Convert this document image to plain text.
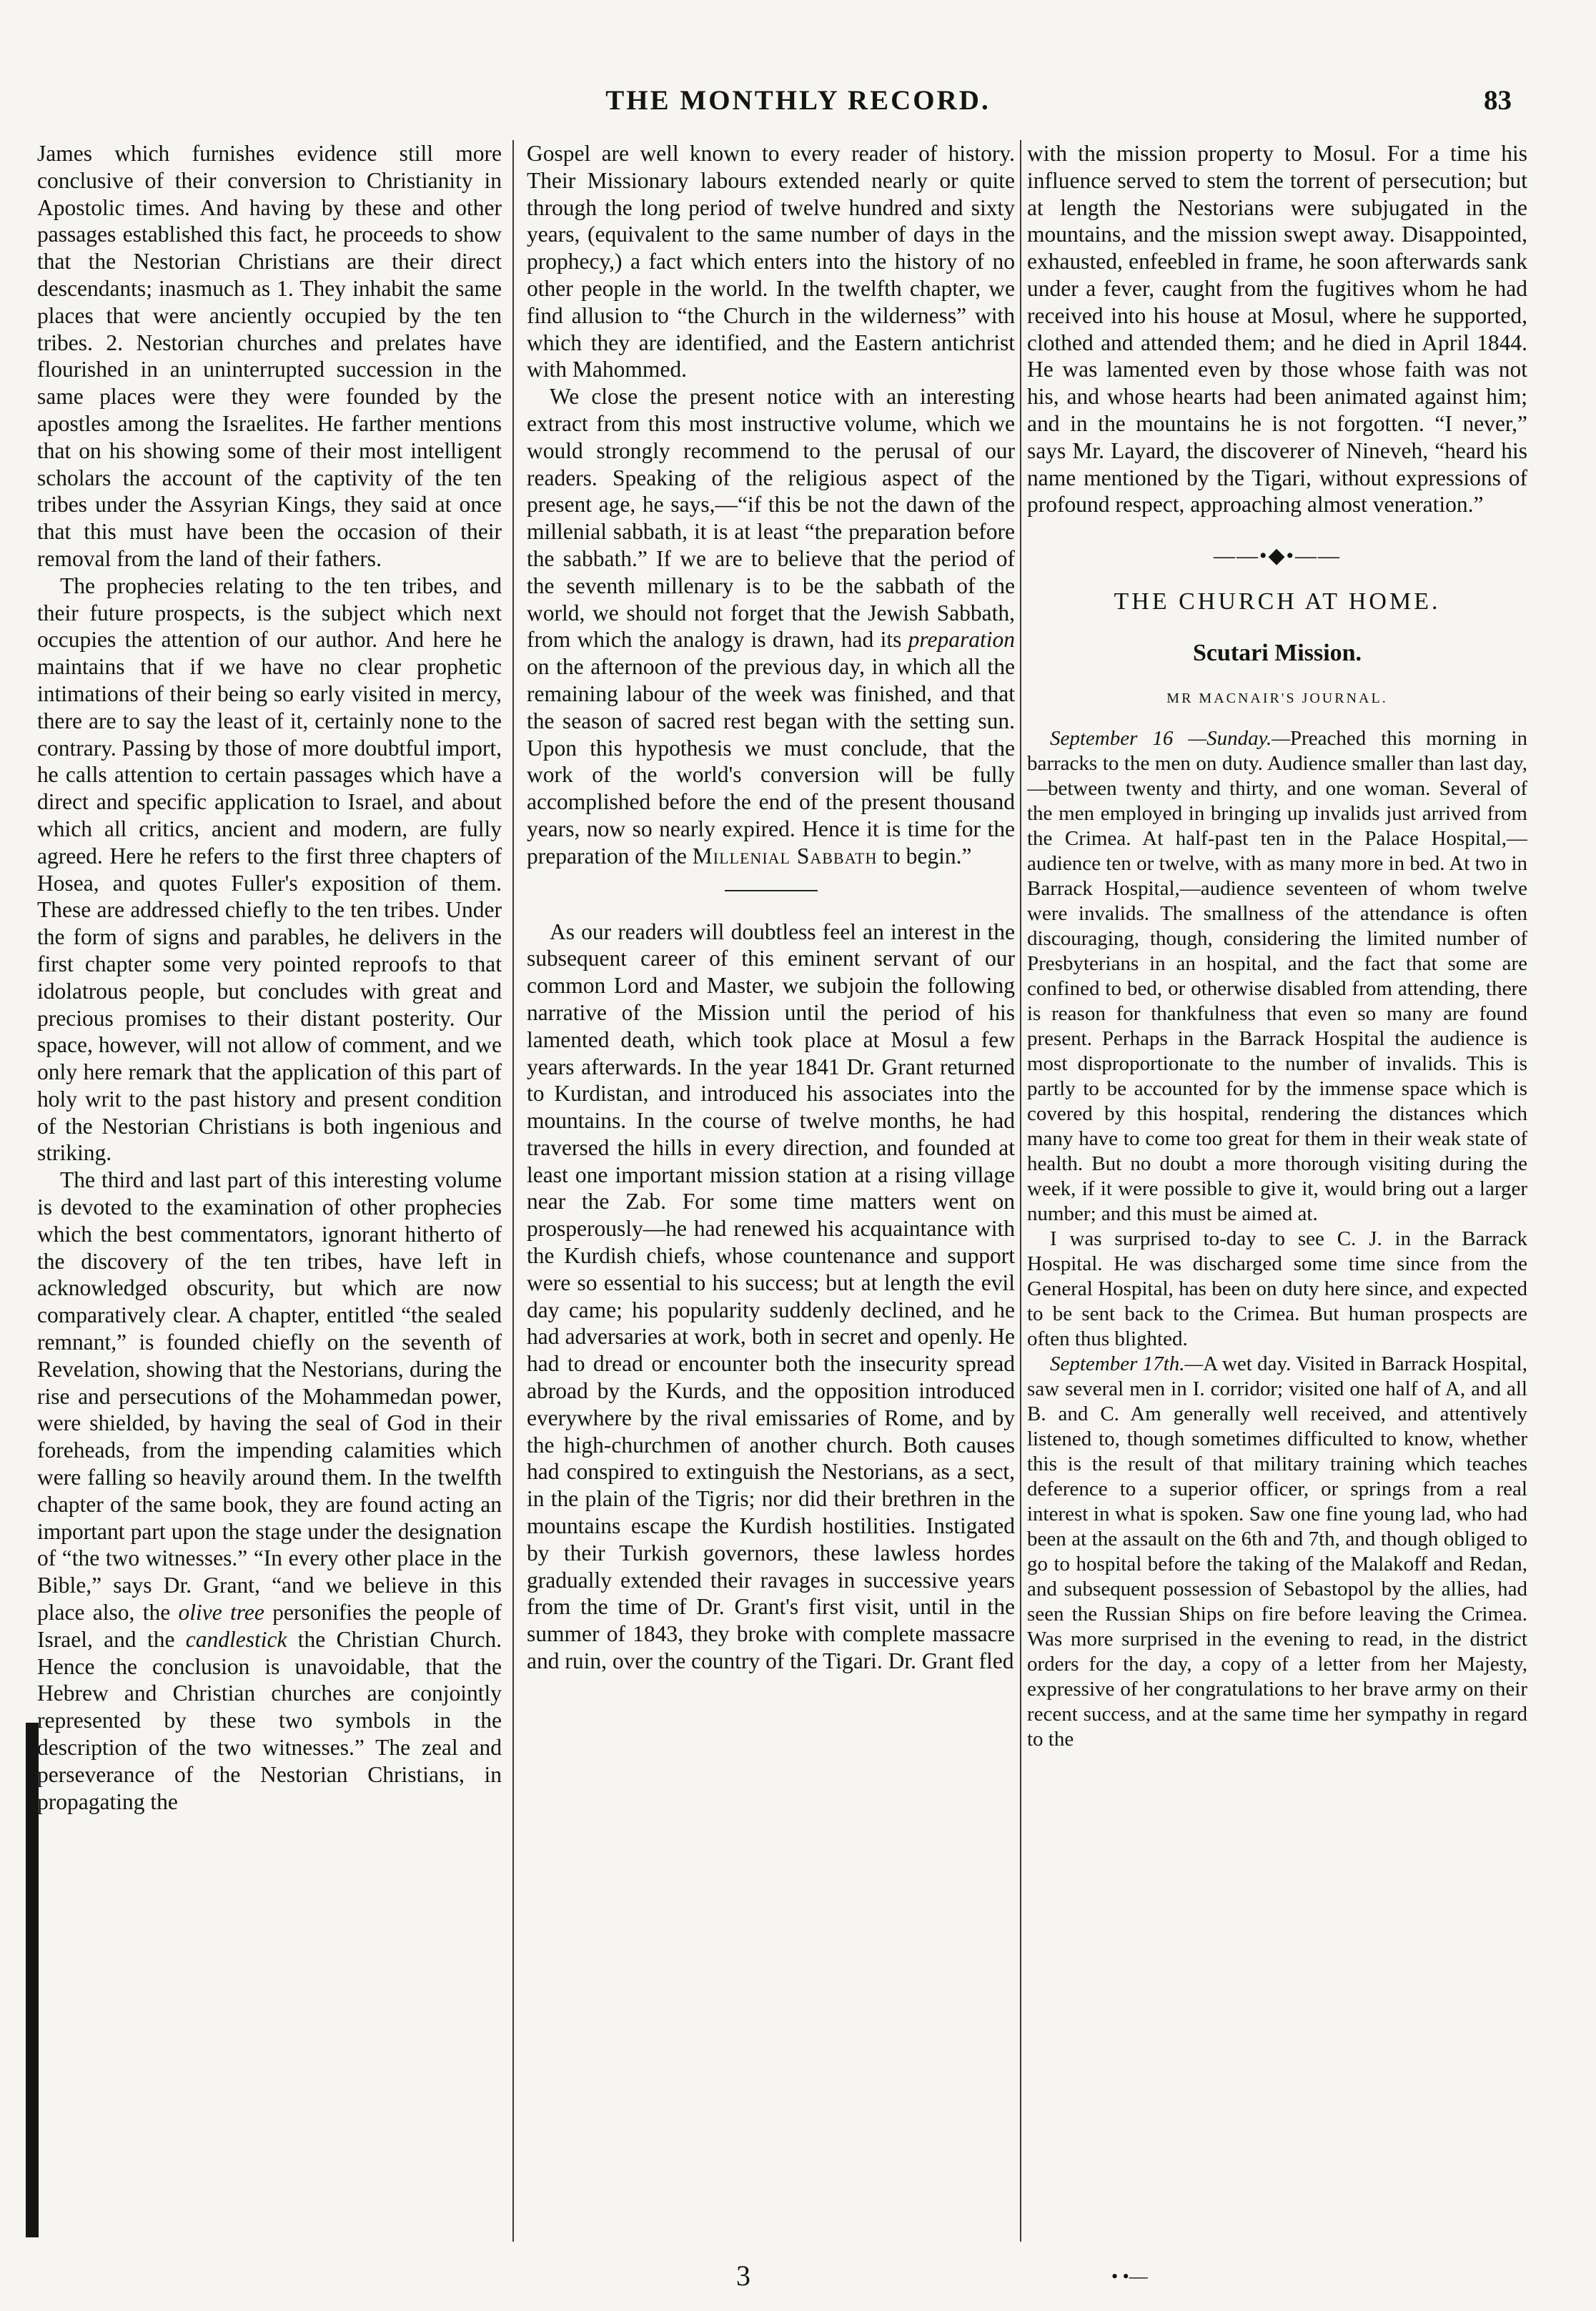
THE MONTHLY RECORD.	83

James which furnishes evidence still more conclusive of their conversion to Christianity in Apostolic times. And having by these and other passages established this fact, he proceeds to show that the Nestorian Christians are their direct descendants; inasmuch as 1. They inhabit the same places that were anciently occupied by the ten tribes. 2. Nestorian churches and prelates have flourished in an uninterrupted succession in the same places were they were founded by the apostles among the Israelites. He farther mentions that on his showing some of their most intelligent scholars the account of the captivity of the ten tribes under the Assyrian Kings, they said at once that this must have been the occasion of their removal from the land of their fathers.

The prophecies relating to the ten tribes, and their future prospects, is the subject which next occupies the attention of our author. And here he maintains that if we have no clear prophetic intimations of their being so early visited in mercy, there are to say the least of it, certainly none to the contrary. Passing by those of more doubtful import, he calls attention to certain passages which have a direct and specific application to Israel, and about which all critics, ancient and modern, are fully agreed. Here he refers to the first three chapters of Hosea, and quotes Fuller's exposition of them. These are addressed chiefly to the ten tribes. Under the form of signs and parables, he delivers in the first chapter some very pointed reproofs to that idolatrous people, but concludes with great and precious promises to their distant posterity. Our space, however, will not allow of comment, and we only here remark that the application of this part of holy writ to the past history and present condition of the Nestorian Christians is both ingenious and striking.

The third and last part of this interesting volume is devoted to the examination of other prophecies which the best commentators, ignorant hitherto of the discovery of the ten tribes, have left in acknowledged obscurity, but which are now comparatively clear. A chapter, entitled “the sealed remnant,” is founded chiefly on the seventh of Revelation, showing that the Nestorians, during the rise and persecutions of the Mohammedan power, were shielded, by having the seal of God in their foreheads, from the impending calamities which were falling so heavily around them. In the twelfth chapter of the same book, they are found acting an important part upon the stage under the designation of “the two witnesses.” “In every other place in the Bible,” says Dr. Grant, “and we believe in this place also, the olive tree personifies the people of Israel, and the candlestick the Christian Church. Hence the conclusion is unavoidable, that the Hebrew and Christian churches are conjointly represented by these two symbols in the description of the two witnesses.” The zeal and perseverance of the Nestorian Christians, in propagating the

Gospel are well known to every reader of history. Their Missionary labours extended nearly or quite through the long period of twelve hundred and sixty years, (equivalent to the same number of days in the prophecy,) a fact which enters into the history of no other people in the world. In the twelfth chapter, we find allusion to “the Church in the wilderness” with which they are identified, and the Eastern antichrist with Mahommed.

We close the present notice with an interesting extract from this most instructive volume, which we would strongly recommend to the perusal of our readers. Speaking of the religious aspect of the present age, he says,—“if this be not the dawn of the millenial sabbath, it is at least “the preparation before the sabbath.” If we are to believe that the period of the seventh millenary is to be the sabbath of the world, we should not forget that the Jewish Sabbath, from which the analogy is drawn, had its preparation on the afternoon of the previous day, in which all the remaining labour of the week was finished, and that the season of sacred rest began with the setting sun. Upon this hypothesis we must conclude, that the work of the world's conversion will be fully accomplished before the end of the present thousand years, now so nearly expired. Hence it is time for the preparation of the Millenial Sabbath to begin.”

As our readers will doubtless feel an interest in the subsequent career of this eminent servant of our common Lord and Master, we subjoin the following narrative of the Mission until the period of his lamented death, which took place at Mosul a few years afterwards. In the year 1841 Dr. Grant returned to Kurdistan, and introduced his associates into the mountains. In the course of twelve months, he had traversed the hills in every direction, and founded at least one important mission station at a rising village near the Zab. For some time matters went on prosperously—he had renewed his acquaintance with the Kurdish chiefs, whose countenance and support were so essential to his success; but at length the evil day came; his popularity suddenly declined, and he had adversaries at work, both in secret and openly. He had to dread or encounter both the insecurity spread abroad by the Kurds, and the opposition introduced everywhere by the rival emissaries of Rome, and by the high-churchmen of another church. Both causes had conspired to extinguish the Nestorians, as a sect, in the plain of the Tigris; nor did their brethren in the mountains escape the Kurdish hostilities. Instigated by their Turkish governors, these lawless hordes gradually extended their ravages in successive years from the time of Dr. Grant's first visit, until in the summer of 1843, they broke with complete massacre and ruin, over the country of the Tigari. Dr. Grant fled

with the mission property to Mosul. For a time his influence served to stem the torrent of persecution; but at length the Nestorians were subjugated in the mountains, and the mission swept away. Disappointed, exhausted, enfeebled in frame, he soon afterwards sank under a fever, caught from the fugitives whom he had received into his house at Mosul, where he supported, clothed and attended them; and he died in April 1844. He was lamented even by those whose faith was not his, and whose hearts had been animated against him; and in the mountains he is not forgotten. “I never,” says Mr. Layard, the discoverer of Nineveh, “heard his name mentioned by the Tigari, without expressions of profound respect, approaching almost veneration.”

——•◆•——
THE CHURCH AT HOME.
Scutari Mission.
MR MACNAIR'S JOURNAL.

September 16 —Sunday.—Preached this morning in barracks to the men on duty. Audience smaller than last day,—between twenty and thirty, and one woman. Several of the men employed in bringing up invalids just arrived from the Crimea. At half-past ten in the Palace Hospital,—audience ten or twelve, with as many more in bed. At two in Barrack Hospital,—audience seventeen of whom twelve were invalids. The smallness of the attendance is often discouraging, though, considering the limited number of Presbyterians in an hospital, and the fact that some are confined to bed, or otherwise disabled from attending, there is reason for thankfulness that even so many are found present. Perhaps in the Barrack Hospital the audience is most disproportionate to the number of invalids. This is partly to be accounted for by the immense space which is covered by this hospital, rendering the distances which many have to come too great for them in their weak state of health. But no doubt a more thorough visiting during the week, if it were possible to give it, would bring out a larger number; and this must be aimed at.

I was surprised to-day to see C. J. in the Barrack Hospital. He was discharged some time since from the General Hospital, has been on duty here since, and expected to be sent back to the Crimea. But human prospects are often thus blighted.

September 17th.—A wet day. Visited in Barrack Hospital, saw several men in I. corridor; visited one half of A, and all B. and C. Am generally well received, and attentively listened to, though sometimes difficulted to know, whether this is the result of that military training which teaches deference to a superior officer, or springs from a real interest in what is spoken. Saw one fine young lad, who had been at the assault on the 6th and 7th, and though obliged to go to hospital before the taking of the Malakoff and Redan, and subsequent possession of Sebastopol by the allies, had seen the Russian Ships on fire before leaving the Crimea. Was more surprised in the evening to read, in the district orders for the day, a copy of a letter from her Majesty, expressive of her congratulations to her brave army on their recent success, and at the same time her sympathy in regard to the

3	• •—
